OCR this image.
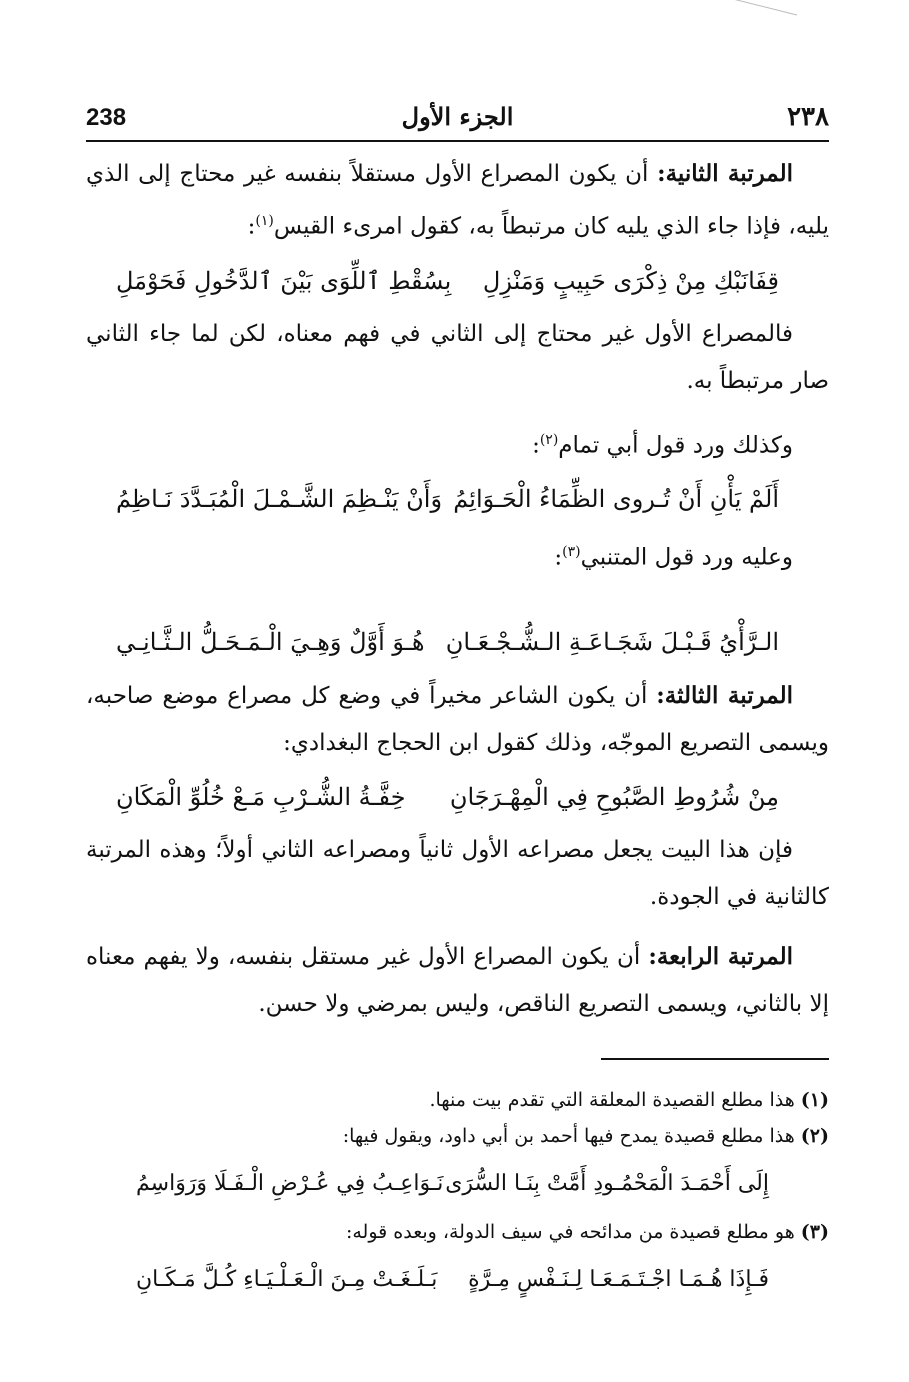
238	الجزء الأول	٢٣٨

المرتبة الثانية: أن يكون المصراع الأول مستقلاً بنفسه غير محتاج إلى الذي يليه، فإذا جاء الذي يليه كان مرتبطاً به، كقول امرىء القيس$^{(١)}$:

قِفَانَبْكِ مِنْ ذِكْرَى حَبِيبٍ وَمَنْزِلِ
بِسُقْطِ ٱللِّوَى بَيْنَ ٱلدَّخُولِ فَحَوْمَلِ

فالمصراع الأول غير محتاج إلى الثاني في فهم معناه، لكن لما جاء الثاني صار مرتبطاً به.

وكذلك ورد قول أبي تمام$^{(٢)}$:

أَلَمْ يَأْنِ أَنْ تُـروى الظِّمَاءُ الْحَـوَائِمُ
وَأَنْ يَنْـظِمَ الشَّـمْـلَ الْمُبَـدَّدَ نَـاظِمُ

وعليه ورد قول المتنبي$^{(٣)}$:

الـرَّأْيُ قَـبْـلَ شَجَـاعَـةِ الـشُّـجْـعَـانِ
هُـوَ أَوَّلٌ وَهِـيَ الْـمَـحَـلُّ الـثَّـانِـي

المرتبة الثالثة: أن يكون الشاعر مخيراً في وضع كل مصراع موضع صاحبه، ويسمى التصريع الموجّه، وذلك كقول ابن الحجاج البغدادي:

مِنْ شُرُوطِ الصَّبُوحِ فِي الْمِهْـرَجَانِ
خِفَّـةُ الشُّـرْبِ مَـعْ خُلُوِّ الْمَكَانِ

فإن هذا البيت يجعل مصراعه الأول ثانياً ومصراعه الثاني أولاً؛ وهذه المرتبة كالثانية في الجودة.

المرتبة الرابعة: أن يكون المصراع الأول غير مستقل بنفسه، ولا يفهم معناه إلا بالثاني، ويسمى التصريع الناقص، وليس بمرضي ولا حسن.

(١) هذا مطلع القصيدة المعلقة التي تقدم بيت منها.

(٢) هذا مطلع قصيدة يمدح فيها أحمد بن أبي داود، ويقول فيها:

إِلَى أَحْمَـدَ الْمَحْمُـودِ أَمَّتْ بِنَـا السُّرَى
نَـوَاعِـبُ فِي عُـرْضِ الْـفَـلَا وَرَوَاسِمُ

(٣) هو مطلع قصيدة من مدائحه في سيف الدولة، وبعده قوله:

فَـإِذَا هُـمَـا اجْـتَـمَـعَـا لِـنَـفْسٍ مِـرَّةٍ
بَـلَـغَـتْ مِـنَ الْـعَـلْـيَـاءِ كُـلَّ مَـكَـانِ
